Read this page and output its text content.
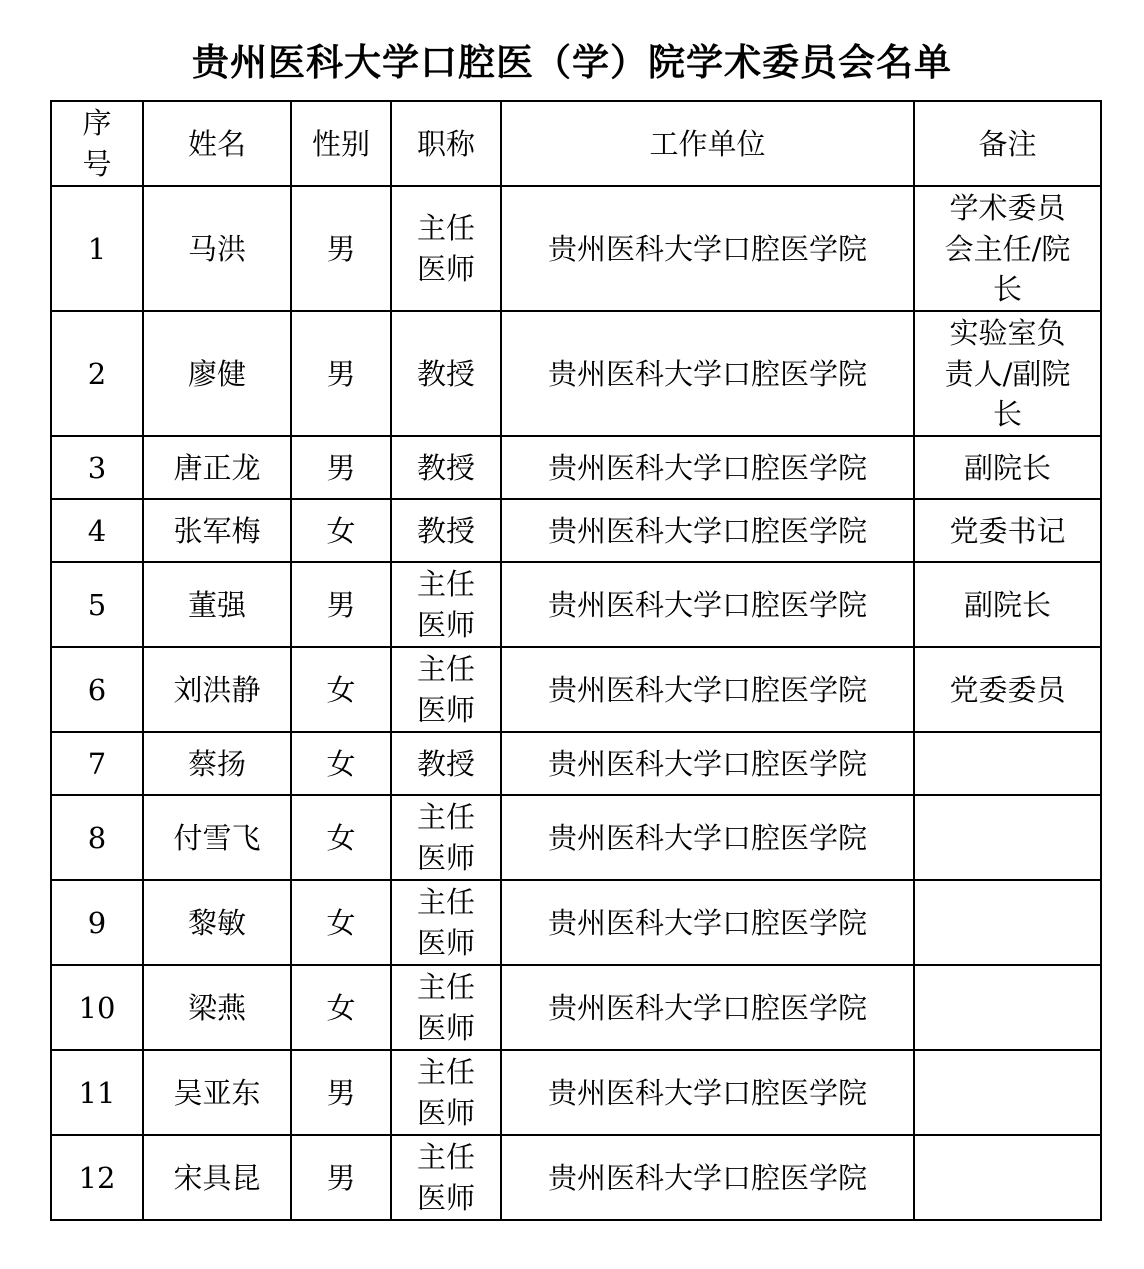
贵州医科大学口腔医（学）院学术委员会名单
序号	姓名	性别	职称	工作单位	备注
1	马洪	男	主任医师	贵州医科大学口腔医学院	学术委员会主任/院长

2	廖健	男	教授	贵州医科大学口腔医学院	实验室负责人/副院长

3	唐正龙	男	教授	贵州医科大学口腔医学院	副院长

4	张军梅	女	教授	贵州医科大学口腔医学院	党委书记

5	董强	男	主任医师	贵州医科大学口腔医学院	副院长

6	刘洪静	女	主任医师	贵州医科大学口腔医学院	党委委员

7	蔡扬	女	教授	贵州医科大学口腔医学院	

8	付雪飞	女	主任医师	贵州医科大学口腔医学院	

9	黎敏	女	主任医师	贵州医科大学口腔医学院	

10	梁燕	女	主任医师	贵州医科大学口腔医学院	

11	吴亚东	男	主任医师	贵州医科大学口腔医学院	

12	宋具昆	男	主任医师	贵州医科大学口腔医学院	
